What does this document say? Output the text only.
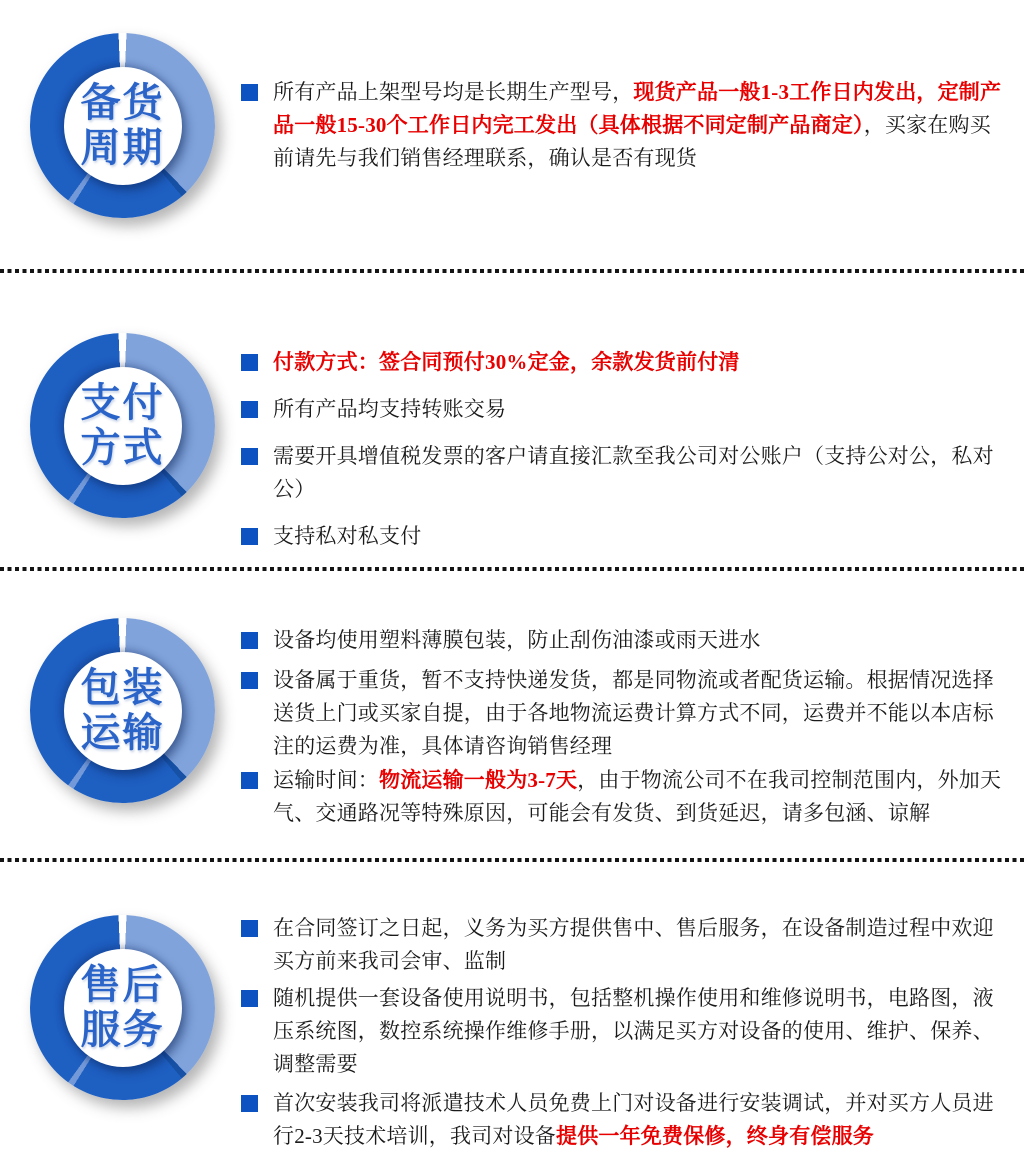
备货
周期

所有产品上架型号均是长期生产型号，现货产品一般1-3工作日内发出，定制产品一般15-30个工作日内完工发出（具体根据不同定制产品商定），买家在购买前请先与我们销售经理联系，确认是否有现货

支付
方式

付款方式：签合同预付30%定金，余款发货前付清

所有产品均支持转账交易

需要开具增值税发票的客户请直接汇款至我公司对公账户（支持公对公，私对公）

支持私对私支付

包装
运输

设备均使用塑料薄膜包装，防止刮伤油漆或雨天进水

设备属于重货，暂不支持快递发货，都是同物流或者配货运输。根据情况选择送货上门或买家自提，由于各地物流运费计算方式不同，运费并不能以本店标注的运费为准，具体请咨询销售经理

运输时间：物流运输一般为3-7天，由于物流公司不在我司控制范围内，外加天气、交通路况等特殊原因，可能会有发货、到货延迟，请多包涵、谅解

售后
服务

在合同签订之日起，义务为买方提供售中、售后服务，在设备制造过程中欢迎买方前来我司会审、监制

随机提供一套设备使用说明书，包括整机操作使用和维修说明书，电路图，液压系统图，数控系统操作维修手册，以满足买方对设备的使用、维护、保养、调整需要

首次安装我司将派遣技术人员免费上门对设备进行安装调试，并对买方人员进行2-3天技术培训，我司对设备提供一年免费保修，终身有偿服务
